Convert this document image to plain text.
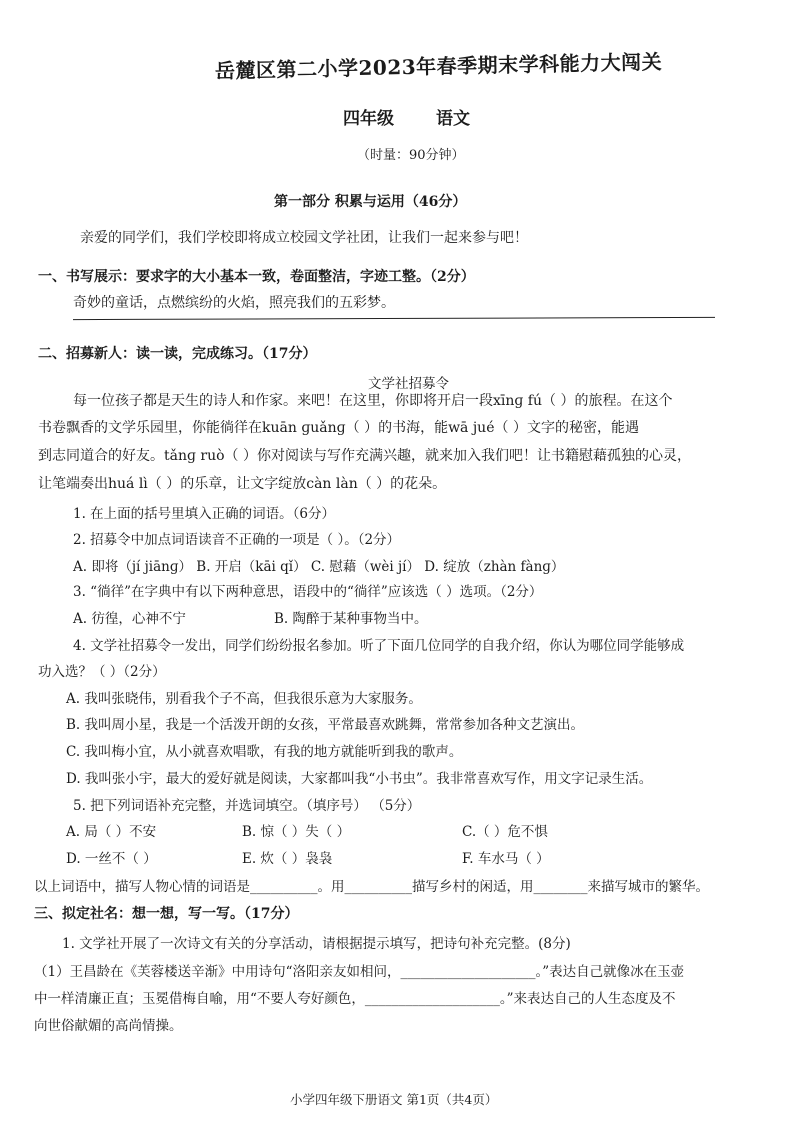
岳麓区第二小学2023年春季期末学科能力大闯关
四年级 语文
（时量：90分钟）
第一部分 积累与运用（46分）
亲爱的同学们，我们学校即将成立校园文学社团，让我们一起来参与吧！
一、书写展示：要求字的大小基本一致，卷面整洁，字迹工整。（2分）
奇妙的童话，点燃缤纷的火焰，照亮我们的五彩梦。
二、招募新人：读一读，完成练习。（17分）
文学社招募令
每一位孩子都是天生的诗人和作家。来吧！在这里，你即将开启一段xīnɡ fú（ ）的旅程。在这个
书卷飘香的文学乐园里，你能徜徉在kuān ɡuǎnɡ（ ）的书海，能wā jué（ ）文字的秘密，能遇
到志同道合的好友。tǎnɡ ruò（ ）你对阅读与写作充满兴趣，就来加入我们吧！让书籍慰藉孤独的心灵，
让笔端奏出huá lì（ ）的乐章，让文字绽放càn làn（ ）的花朵。
1. 在上面的括号里填入正确的词语。（6分）
2. 招募令中加点词语读音不正确的一项是（ ）。（2分）
A. 即将（jí jiānɡ） B. 开启（kāi qǐ） C. 慰藉（wèi jí） D. 绽放（zhàn fànɡ）
3. “徜徉”在字典中有以下两种意思，语段中的“徜徉”应该选（ ）选项。（2分）
A. 彷徨，心神不宁	B. 陶醉于某种事物当中。
4. 文学社招募令一发出，同学们纷纷报名参加。听了下面几位同学的自我介绍，你认为哪位同学能够成
功入选？（ ）（2分）
A. 我叫张晓伟，别看我个子不高，但我很乐意为大家服务。
B. 我叫周小星，我是一个活泼开朗的女孩，平常最喜欢跳舞，常常参加各种文艺演出。
C. 我叫梅小宜，从小就喜欢唱歌，有我的地方就能听到我的歌声。
D. 我叫张小宇，最大的爱好就是阅读，大家都叫我“小书虫”。我非常喜欢写作，用文字记录生活。
5. 把下列词语补充完整，并选词填空。（填序号） （5分）
A. 局（ ）不安	B. 惊（ ）失（ ）	C.（ ）危不惧
D. 一丝不（ ）	E. 炊（ ）袅袅	F. 车水马（ ）
以上词语中，描写人物心情的词语是__________。用__________描写乡村的闲适，用________来描写城市的繁华。
三、拟定社名：想一想，写一写。（17分）
1. 文学社开展了一次诗文有关的分享活动，请根据提示填写，把诗句补充完整。(8分)
（1）王昌龄在《芙蓉楼送辛渐》中用诗句“洛阳亲友如相问，____________________。”表达自己就像冰在玉壶
中一样清廉正直；玉冕借梅自喻，用“不要人夸好颜色，____________________。”来表达自己的人生态度及不
向世俗献媚的高尚情操。
小学四年级下册语文 第1页（共4页）
